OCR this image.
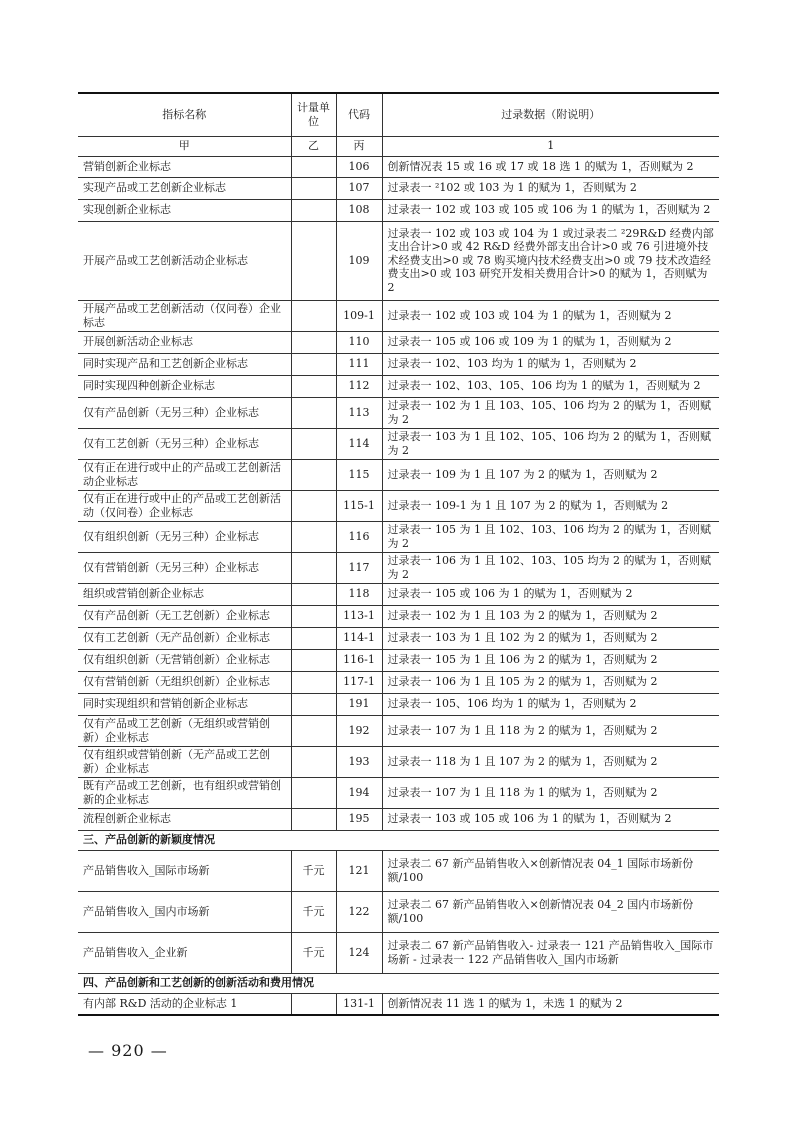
指标名称	计量单位	代码	过录数据（附说明）
甲	乙	丙	1
营销创新企业标志		106	创新情况表 15 或 16 或 17 或 18 选 1 的赋为 1，否则赋为 2
实现产品或工艺创新企业标志		107	过录表一 ²102 或 103 为 1 的赋为 1，否则赋为 2
实现创新企业标志		108	过录表一 102 或 103 或 105 或 106 为 1 的赋为 1，否则赋为 2
开展产品或工艺创新活动企业标志		109	过录表一 102 或 103 或 104 为 1 或过录表二 ²29R&D 经费内部支出合计>0 或 42 R&D 经费外部支出合计>0 或 76 引进境外技术经费支出>0 或 78 购买境内技术经费支出>0 或 79 技术改造经费支出>0 或 103 研究开发相关费用合计>0 的赋为 1，否则赋为 2
开展产品或工艺创新活动（仅问卷）企业标志		109-1	过录表一 102 或 103 或 104 为 1 的赋为 1，否则赋为 2
开展创新活动企业标志		110	过录表一 105 或 106 或 109 为 1 的赋为 1，否则赋为 2
同时实现产品和工艺创新企业标志		111	过录表一 102、103 均为 1 的赋为 1，否则赋为 2
同时实现四种创新企业标志		112	过录表一 102、103、105、106 均为 1 的赋为 1，否则赋为 2
仅有产品创新（无另三种）企业标志		113	过录表一 102 为 1 且 103、105、106 均为 2 的赋为 1，否则赋为 2
仅有工艺创新（无另三种）企业标志		114	过录表一 103 为 1 且 102、105、106 均为 2 的赋为 1，否则赋为 2
仅有正在进行或中止的产品或工艺创新活动企业标志		115	过录表一 109 为 1 且 107 为 2 的赋为 1，否则赋为 2
仅有正在进行或中止的产品或工艺创新活动（仅问卷）企业标志		115-1	过录表一 109-1 为 1 且 107 为 2 的赋为 1，否则赋为 2
仅有组织创新（无另三种）企业标志		116	过录表一 105 为 1 且 102、103、106 均为 2 的赋为 1，否则赋为 2
仅有营销创新（无另三种）企业标志		117	过录表一 106 为 1 且 102、103、105 均为 2 的赋为 1，否则赋为 2
组织或营销创新企业标志		118	过录表一 105 或 106 为 1 的赋为 1，否则赋为 2
仅有产品创新（无工艺创新）企业标志		113-1	过录表一 102 为 1 且 103 为 2 的赋为 1，否则赋为 2
仅有工艺创新（无产品创新）企业标志		114-1	过录表一 103 为 1 且 102 为 2 的赋为 1，否则赋为 2
仅有组织创新（无营销创新）企业标志		116-1	过录表一 105 为 1 且 106 为 2 的赋为 1，否则赋为 2
仅有营销创新（无组织创新）企业标志		117-1	过录表一 106 为 1 且 105 为 2 的赋为 1，否则赋为 2
同时实现组织和营销创新企业标志		191	过录表一 105、106 均为 1 的赋为 1，否则赋为 2
仅有产品或工艺创新（无组织或营销创新）企业标志		192	过录表一 107 为 1 且 118 为 2 的赋为 1，否则赋为 2
仅有组织或营销创新（无产品或工艺创新）企业标志		193	过录表一 118 为 1 且 107 为 2 的赋为 1，否则赋为 2
既有产品或工艺创新，也有组织或营销创新的企业标志		194	过录表一 107 为 1 且 118 为 1 的赋为 1，否则赋为 2
流程创新企业标志		195	过录表一 103 或 105 或 106 为 1 的赋为 1，否则赋为 2
三、产品创新的新颖度情况			
产品销售收入_国际市场新	千元	121	过录表二 67 新产品销售收入×创新情况表 04_1 国际市场新份额/100
产品销售收入_国内市场新	千元	122	过录表二 67 新产品销售收入×创新情况表 04_2 国内市场新份额/100
产品销售收入_企业新	千元	124	过录表二 67 新产品销售收入- 过录表一 121 产品销售收入_国际市场新 - 过录表一 122 产品销售收入_国内市场新
四、产品创新和工艺创新的创新活动和费用情况			
有内部 R&D 活动的企业标志 1		131-1	创新情况表 11 选 1 的赋为 1，未选 1 的赋为 2
— 920 —
